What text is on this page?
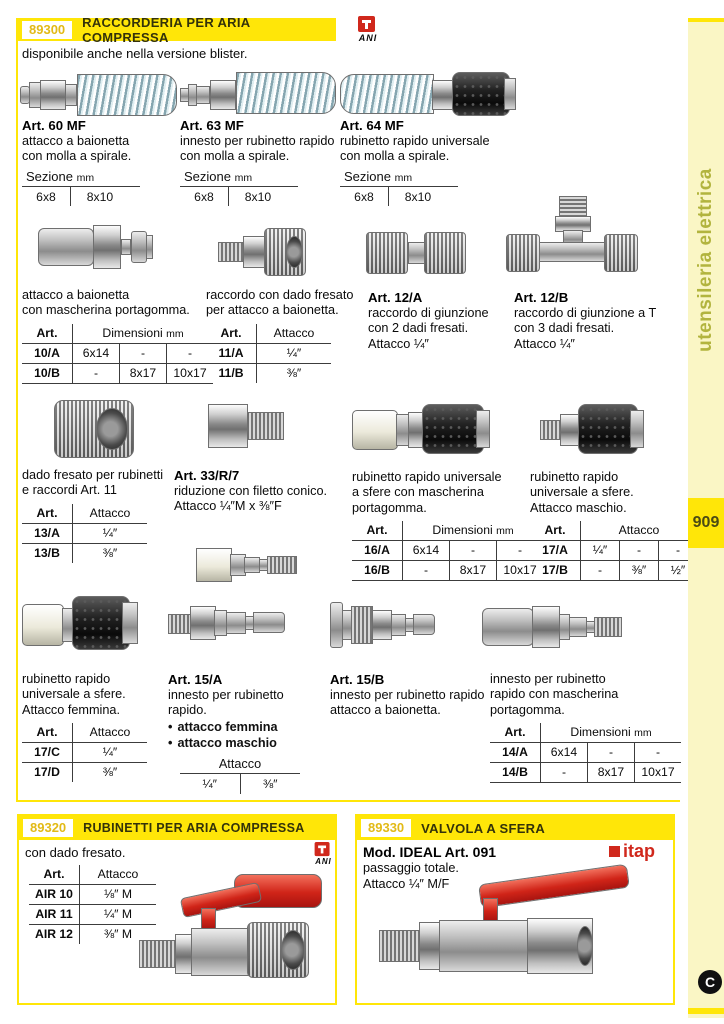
89300	RACCORDERIA PER ARIA COMPRESSA	ANI
disponibile anche nella versione blister.
Art. 60 MF
attacco a baionetta
con molla a spirale.
Sezione mm
6x8	8x10
Art. 63 MF
innesto per rubinetto rapido
con molla a spirale.
Sezione mm
6x8	8x10
Art. 64 MF
rubinetto rapido universale
con molla a spirale.
Sezione mm
6x8	8x10
attacco a baionetta
con mascherina portagomma.
Art.	Dimensioni mm		
10/A	6x14	-	-
10/B	-	8x17	10x17
raccordo con dado fresato
per attacco a baionetta.
Art.	Attacco
11/A	¼″
11/B	⅜″
Art. 12/A
raccordo di giunzione
con 2 dadi fresati.
Attacco ¼″
Art. 12/B
raccordo di giunzione a T
con 3 dadi fresati.
Attacco ¼″
dado fresato per rubinetti
e raccordi Art. 11
Art.	Attacco
13/A	¼″
13/B	⅜″
Art. 33/R/7
riduzione con filetto conico.
Attacco ¼″M x ⅜″F
rubinetto rapido universale
a sfere con mascherina
portagomma.
Art.	Dimensioni mm		
16/A	6x14	-	-
16/B	-	8x17	10x17
rubinetto rapido
universale a sfere.
Attacco maschio.
Art.	Attacco		
17/A	¼″	-	-
17/B	-	⅜″	½″
rubinetto rapido
universale a sfere.
Attacco femmina.
Art.	Attacco
17/C	¼″
17/D	⅜″
Art. 15/A
innesto per rubinetto
rapido.
• attacco femmina
• attacco maschio
Attacco
¼″	⅜″
Art. 15/B
innesto per rubinetto rapido
attacco a baionetta.
innesto per rubinetto
rapido con mascherina
portagomma.
Art.	Dimensioni mm		
14/A	6x14	-	-
14/B	-	8x17	10x17
89320	RUBINETTI PER ARIA COMPRESSA
con dado fresato.
ANI
Art.	Attacco
AIR 10	⅛″ M
AIR 11	¼″ M
AIR 12	⅜″ M
89330	VALVOLA A SFERA
Mod. IDEAL Art. 091
passaggio totale.
Attacco ¼″ M/F
itap
utensileria elettrica
909
C
